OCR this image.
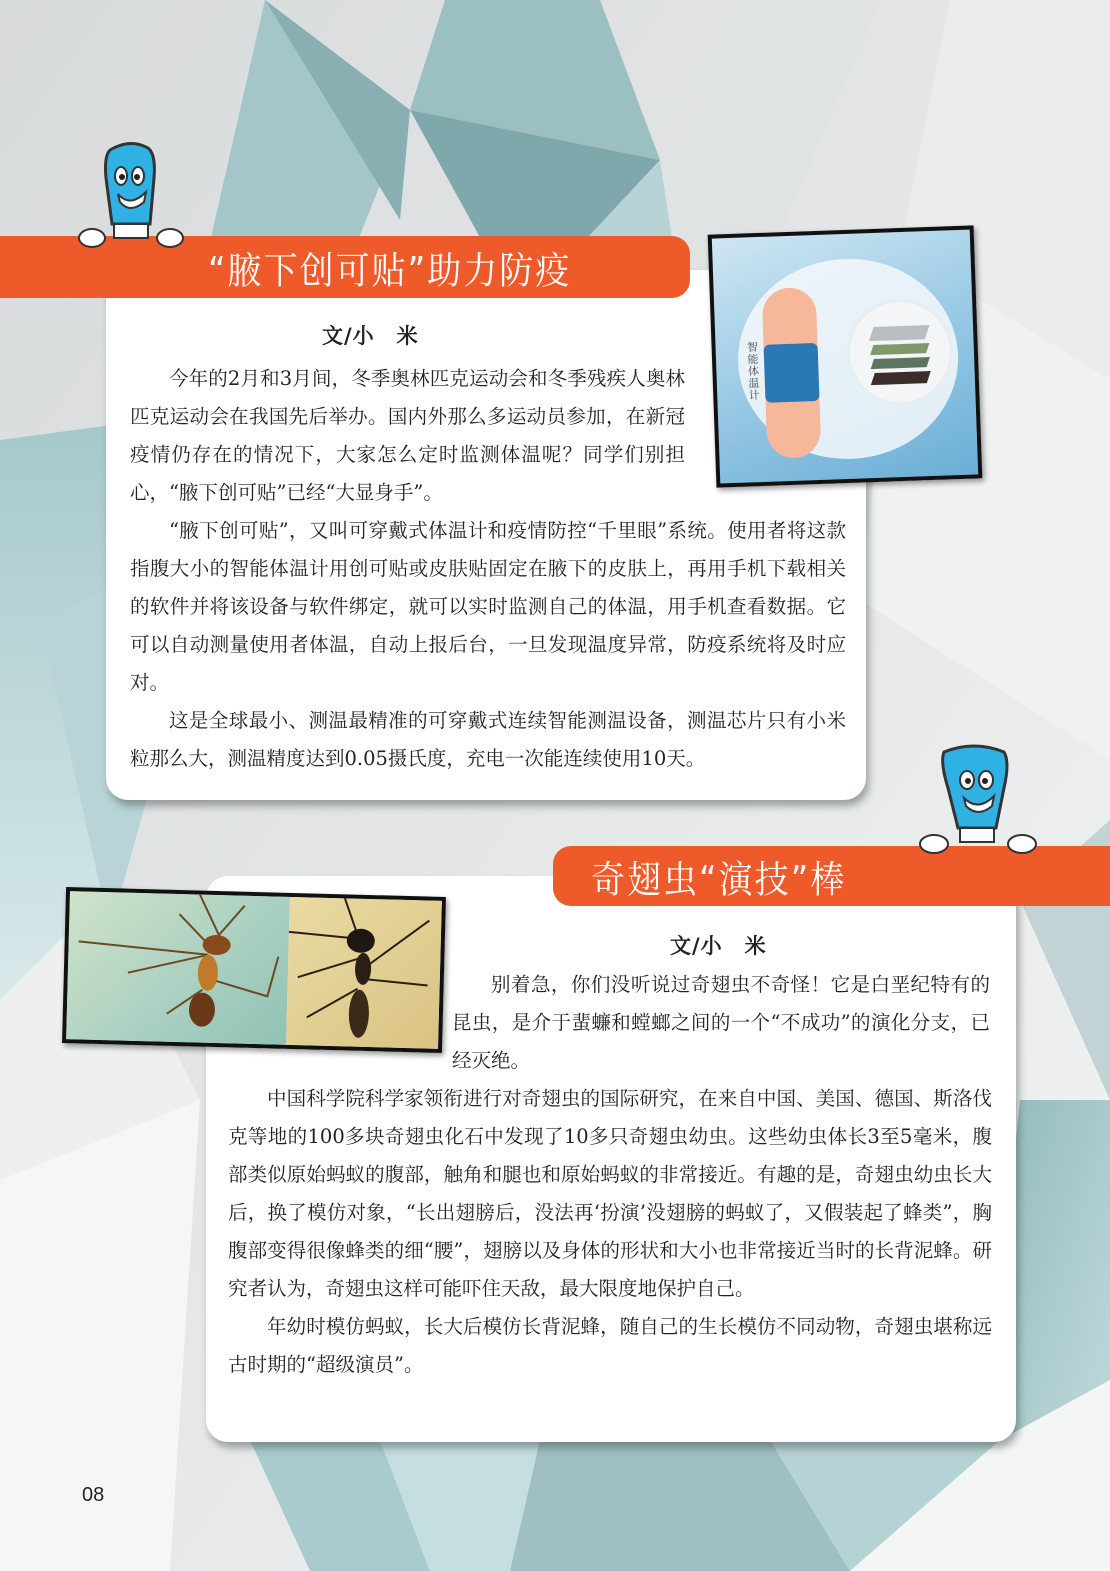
“腋下创可贴”助力防疫
智能体温计
文/小　米

今年的2月和3月间，冬季奥林匹克运动会和冬季残疾人奥林匹克运动会在我国先后举办。国内外那么多运动员参加，在新冠疫情仍存在的情况下，大家怎么定时监测体温呢？同学们别担心，“腋下创可贴”已经“大显身手”。

“腋下创可贴”，又叫可穿戴式体温计和疫情防控“千里眼”系统。使用者将这款指腹大小的智能体温计用创可贴或皮肤贴固定在腋下的皮肤上，再用手机下载相关的软件并将该设备与软件绑定，就可以实时监测自己的体温，用手机查看数据。它可以自动测量使用者体温，自动上报后台，一旦发现温度异常，防疫系统将及时应对。

这是全球最小、测温最精准的可穿戴式连续智能测温设备，测温芯片只有小米粒那么大，测温精度达到0.05摄氏度，充电一次能连续使用10天。

奇翅虫“演技”棒
文/小　米

别着急，你们没听说过奇翅虫不奇怪！它是白垩纪特有的昆虫，是介于蜚蠊和螳螂之间的一个“不成功”的演化分支，已经灭绝。

中国科学院科学家领衔进行对奇翅虫的国际研究，在来自中国、美国、德国、斯洛伐克等地的100多块奇翅虫化石中发现了10多只奇翅虫幼虫。这些幼虫体长3至5毫米，腹部类似原始蚂蚁的腹部，触角和腿也和原始蚂蚁的非常接近。有趣的是，奇翅虫幼虫长大后，换了模仿对象，“长出翅膀后，没法再‘扮演’没翅膀的蚂蚁了，又假装起了蜂类”，胸腹部变得很像蜂类的细“腰”，翅膀以及身体的形状和大小也非常接近当时的长背泥蜂。研究者认为，奇翅虫这样可能吓住天敌，最大限度地保护自己。

年幼时模仿蚂蚁，长大后模仿长背泥蜂，随自己的生长模仿不同动物，奇翅虫堪称远古时期的“超级演员”。

08
